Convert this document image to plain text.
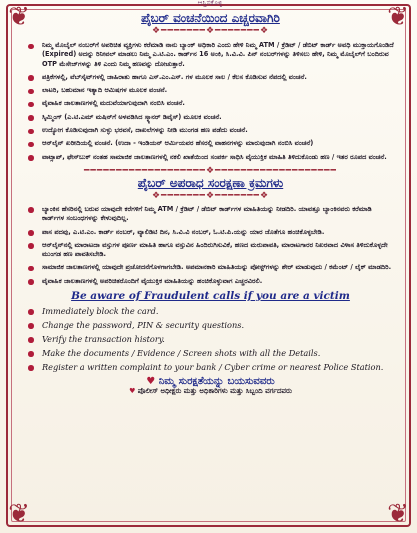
❦	❦
❦	❦
ಆಸ್ತಿಸಕೊಳ್ಳಿ
ಪೈಬರ್ ವಂಚನೆಯಿಂದ ಎಚ್ಚರವಾಗಿರಿ
❖━━━━━━━❖━━━━━━━❖
ನಿಮ್ಮ ಮೊಬೈಲ್ ನಂಬರ್‌ಗೆ ಅಪರಿಚಿತ ವ್ಯಕ್ತಿಗಳು ಕರೆಮಾಡಿ ನಾನು ಬ್ಯಾಂಕ್ ಅಧಿಕಾರಿ ಎಂದು ಹೇಳಿ ನಿಮ್ಮ ATM / ಕ್ರೆಡಿಟ್ / ಡೆಬಿಟ್ ಕಾರ್ಡ್ ಅವಧಿ ಮುಕ್ತಾಯಗೊಂಡಿದೆ (Expired) ಅದನ್ನು ರಿನೀವಲ್ ಮಾಡಲು ನಿಮ್ಮ ಎ.ಟಿ.ಎಂ. ಕಾರ್ಡ್‌ನ 16 ಅಂಕಿ, ಸಿ.ವಿ.ವಿ. ಪಿನ್ ನಂಬರ್‌ಗಳನ್ನು ತಿಳಿಸಲು ಹೇಳಿ, ನಿಮ್ಮ ಮೊಬೈಲ್‌ಗೆ ಬಂದಿರುವ OTP ಮೆಸೇಜ್‌ಗಳನ್ನು ತಿಳಿ ಎಂದು ನಿಮ್ಮ ಹಣವನ್ನು ದೋಚುತ್ತಾರೆ.
ಪತ್ರಿಕೆಗಳಲ್ಲಿ, ವೆಬ್‌ಸೈಟ್‌ಗಳಲ್ಲಿ ಜಾಹಿರಾತು ಹಾಗೂ ಎಸ್.ಎಂ.ಎಸ್. ಗಳ ಮೂಲಕ ಸಾಲ / ಕೆಲಸ ಕೊಡಿಸುವ ನೆಪದಲ್ಲಿ ವಂಚನೆ.
ಲಾಟರಿ, ಬಹುಮಾನ ಇತ್ಯಾದಿ ಆಮಿಷಗಳ ಮೂಲಕ ವಂಚನೆ.
ವೈವಾಹಿಕ ಜಾಲತಾಣಗಳಲ್ಲಿ ಮದುವೆಯಾಗುವುದಾಗಿ ನಂಬಿಸಿ ವಂಚನೆ.
ಸ್ಕಿಮ್ಮಿಂಗ್ (ಎ.ಟಿ.ಎಮ್ ಮಷಿನ್‌ಗೆ ಅಳವಡಿಸಿದ ಸ್ಕ್ಯಾನರ್ ಡಿವೈಸ್) ಮೂಲಕ ವಂಚನೆ.
ಉದ್ಯೋಗ ಕೊಡಿಸುವುದಾಗಿ ಸುಳ್ಳು ಭರವಸೆ, ದಾಖಲೆಗಳನ್ನು ನೀಡಿ ಮುಂಗಡ ಹಣ ಪಡೆದು ವಂಚನೆ.
ಆನ್‌ಲೈನ್ ಖರೀದಿಯಲ್ಲಿ ವಂಚನೆ. (ಉದಾ - ಇಂಡಿಯನ್ ಆರ್ಮಿಯವರ ಹೆಸರಲ್ಲಿ ವಾಹನಗಳನ್ನು ಮಾರುವುದಾಗಿ ನಂಬಿಸಿ ವಂಚನೆ)
ವಾಟ್ಸಾಪ್, ಫೇಸ್‌ಬುಕ್ ನಂತಹ ಸಾಮಾಜಿಕ ಜಾಲತಾಣಗಳಲ್ಲಿ ನಕಲಿ ಖಾತೆಯಿಂದ ಸಂಪರ್ಕ ಸಾಧಿಸಿ ವೈಯುಕ್ತಿಕ ಮಾಹಿತಿ ತಿಳಿದುಕೊಂಡು ಹಣ / ಇತರ ರೂಪದ ವಂಚನೆ.
━━━━━━━━━━━━━━━━━━━❖━━━━━━━━━━━━━━━━━━━
ಪೈಬರ್ ಅಪರಾಧ ಸಂರಕ್ಷಣಾ ಕ್ರಮಗಳು
❖━━━━━━━❖━━━━━━━❖
ಬ್ಯಾಂಕಿನ ಹೆಸರಿನಲ್ಲಿ ಬರುವ ಯಾವುದೇ ಕರೆಗಳಿಗೆ ನಿಮ್ಮ ATM / ಕ್ರೆಡಿಟ್ / ಡೆಬಿಟ್ ಕಾರ್ಡ್‌ಗಳ ಮಾಹಿತಿಯನ್ನು ನೀಡದಿರಿ. ಯಾವತ್ತೂ ಬ್ಯಾಂಕಿನವರು ಕರೆಮಾಡಿ ಕಾರ್ಡ್‌ಗಳ ಸಂಬಂಧಗಳನ್ನು ಕೇಳುವುದಿಲ್ಲ.
ಪಾಸ ಪದವು, ಎ.ಟಿ.ಎಂ. ಕಾರ್ಡ್ ನಂಬರ್, ವ್ಯಾಲಿಡಿಟಿ ದಿನ, ಸಿ.ವಿ.ವಿ ನಂಬರ್, ಓ.ಟಿ.ಪಿ.ಯನ್ನು ಯಾರ ಜೊತೆಗೂ ಹಂಚಿಕೊಳ್ಳಬೇಡಿ.
ಆನ್‌ಲೈನ್‌ನಲ್ಲಿ ಮಾರಾಟದಾ ವಸ್ತುಗಳ ಪೂರ್ಣ ಮಾಹಿತಿ ಹಾಗೂ ವಸ್ತುವಿನ ಹಿಂದಿರುಗಿಸುವಿಕೆ, ಹಣದ ಮರುಪಾವತಿ, ಮಾರಾಟಗಾರರ ನಿಖರವಾದ ವಿಳಾಸ ತಿಳಿದುಕೊಳ್ಳದೇ ಮುಂಗಡ ಹಣ ಪಾವತಿಸಬೇಡಿ.
ಸಾಮಾಜಿಕ ಜಾಲತಾಣಗಳಲ್ಲಿ ಯಾವುದೇ ಪ್ರಚೋದನೆಗೊಳಗಾಗಬೇಡಿ. ಅಪಮಾನಕಾರಿ ಮಾಹಿತಿಯನ್ನು ಪೋಸ್ಟ್‌ಗಳನ್ನು ಶೇರ್ ಮಾಡುವುದು / ಕಮೆಂಟ್ / ಲೈಕ್ ಮಾಡದಿರಿ.
ವೈವಾಹಿಕ ಜಾಲತಾಣಗಳಲ್ಲಿ ಅಪರಿಚಿತರೊಂದಿಗೆ ವೈಯುಕ್ತಿಕ ಮಾಹಿತಿಯನ್ನು ಹಂಚಿಕೊಳ್ಳುವಾಗ ಎಚ್ಚರವಿರಲಿ.
Be aware of Fraudulent calls if you are a victim
Immediately block the card.
Change the password, PIN & security questions.
Verify the transaction history.
Make the documents / Evidence / Screen shots with all the Details.
Register a written complaint to your bank / Cyber crime or nearest Police Station.

♥ ನಿಮ್ಮ ಸುರಕ್ಷತೆಯನ್ನು ಬಯಸುವವರು

♥ ಪೊಲೀಸ್ ಅಧೀಕ್ಷರು ಮತ್ತು ಅಧಿಕಾರಿಗಳು ಮತ್ತು ಸಿಬ್ಬಂದಿ ವರ್ಗದವರು
